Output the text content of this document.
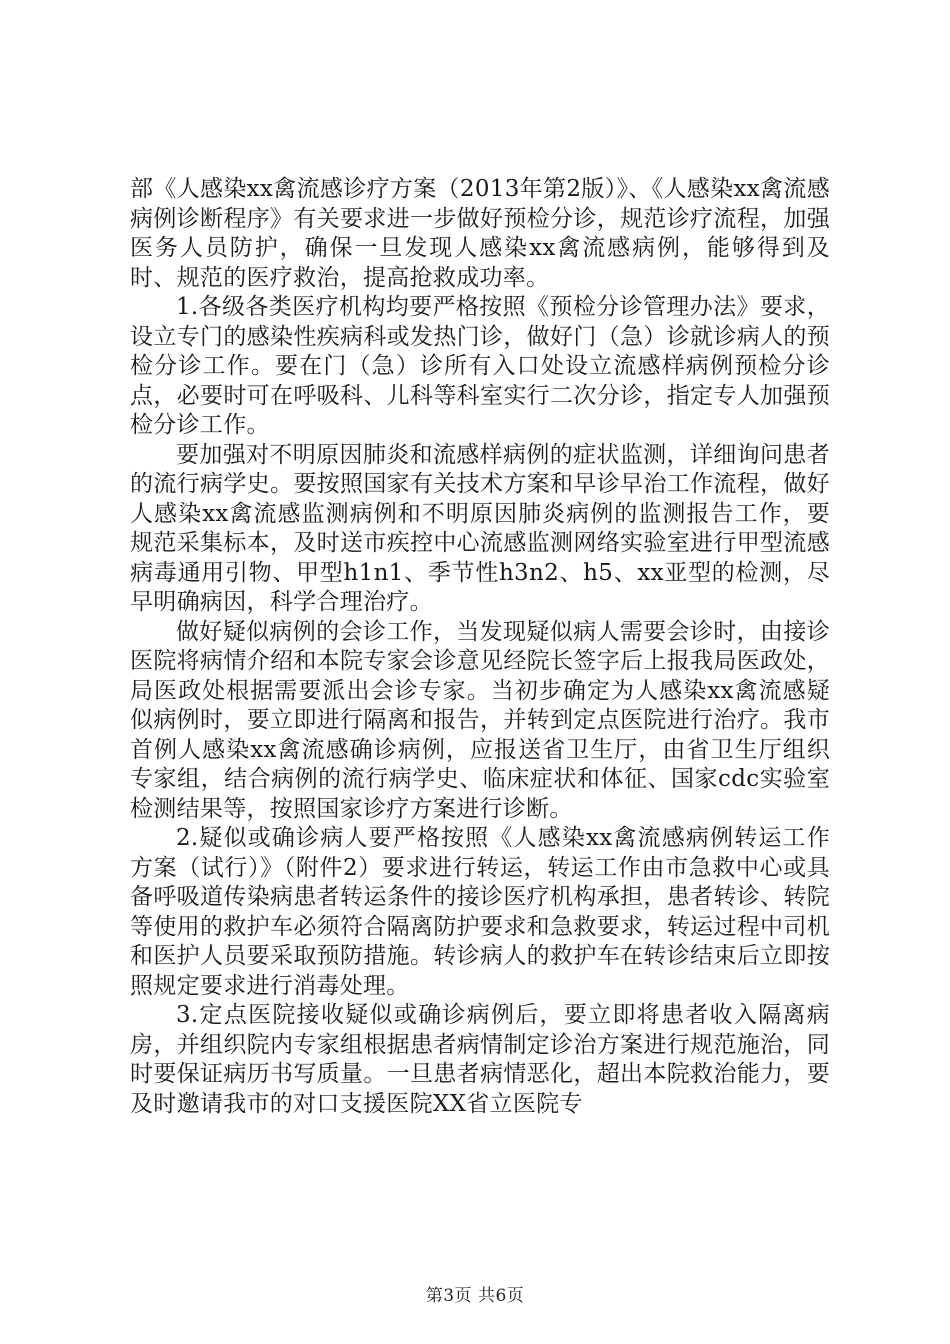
部《人感染xx禽流感诊疗方案（2013年第2版）》、《人感染xx禽流感病例诊断程序》有关要求进一步做好预检分诊，规范诊疗流程，加强医务人员防护，确保一旦发现人感染xx禽流感病例，能够得到及时、规范的医疗救治，提高抢救成功率。

1.各级各类医疗机构均要严格按照《预检分诊管理办法》要求，设立专门的感染性疾病科或发热门诊，做好门（急）诊就诊病人的预检分诊工作。要在门（急）诊所有入口处设立流感样病例预检分诊点，必要时可在呼吸科、儿科等科室实行二次分诊，指定专人加强预检分诊工作。

要加强对不明原因肺炎和流感样病例的症状监测，详细询问患者的流行病学史。要按照国家有关技术方案和早诊早治工作流程，做好人感染xx禽流感监测病例和不明原因肺炎病例的监测报告工作，要规范采集标本，及时送市疾控中心流感监测网络实验室进行甲型流感病毒通用引物、甲型h1n1、季节性h3n2、h5、xx亚型的检测，尽早明确病因，科学合理治疗。

做好疑似病例的会诊工作，当发现疑似病人需要会诊时，由接诊医院将病情介绍和本院专家会诊意见经院长签字后上报我局医政处，局医政处根据需要派出会诊专家。当初步确定为人感染xx禽流感疑似病例时，要立即进行隔离和报告，并转到定点医院进行治疗。我市首例人感染xx禽流感确诊病例，应报送省卫生厅，由省卫生厅组织专家组，结合病例的流行病学史、临床症状和体征、国家cdc实验室检测结果等，按照国家诊疗方案进行诊断。

2.疑似或确诊病人要严格按照《人感染xx禽流感病例转运工作方案（试行）》（附件2）要求进行转运，转运工作由市急救中心或具备呼吸道传染病患者转运条件的接诊医疗机构承担，患者转诊、转院等使用的救护车必须符合隔离防护要求和急救要求，转运过程中司机和医护人员要采取预防措施。转诊病人的救护车在转诊结束后立即按照规定要求进行消毒处理。

3.定点医院接收疑似或确诊病例后，要立即将患者收入隔离病房，并组织院内专家组根据患者病情制定诊治方案进行规范施治，同时要保证病历书写质量。一旦患者病情恶化，超出本院救治能力，要及时邀请我市的对口支援医院XX省立医院专

第3页 共6页
